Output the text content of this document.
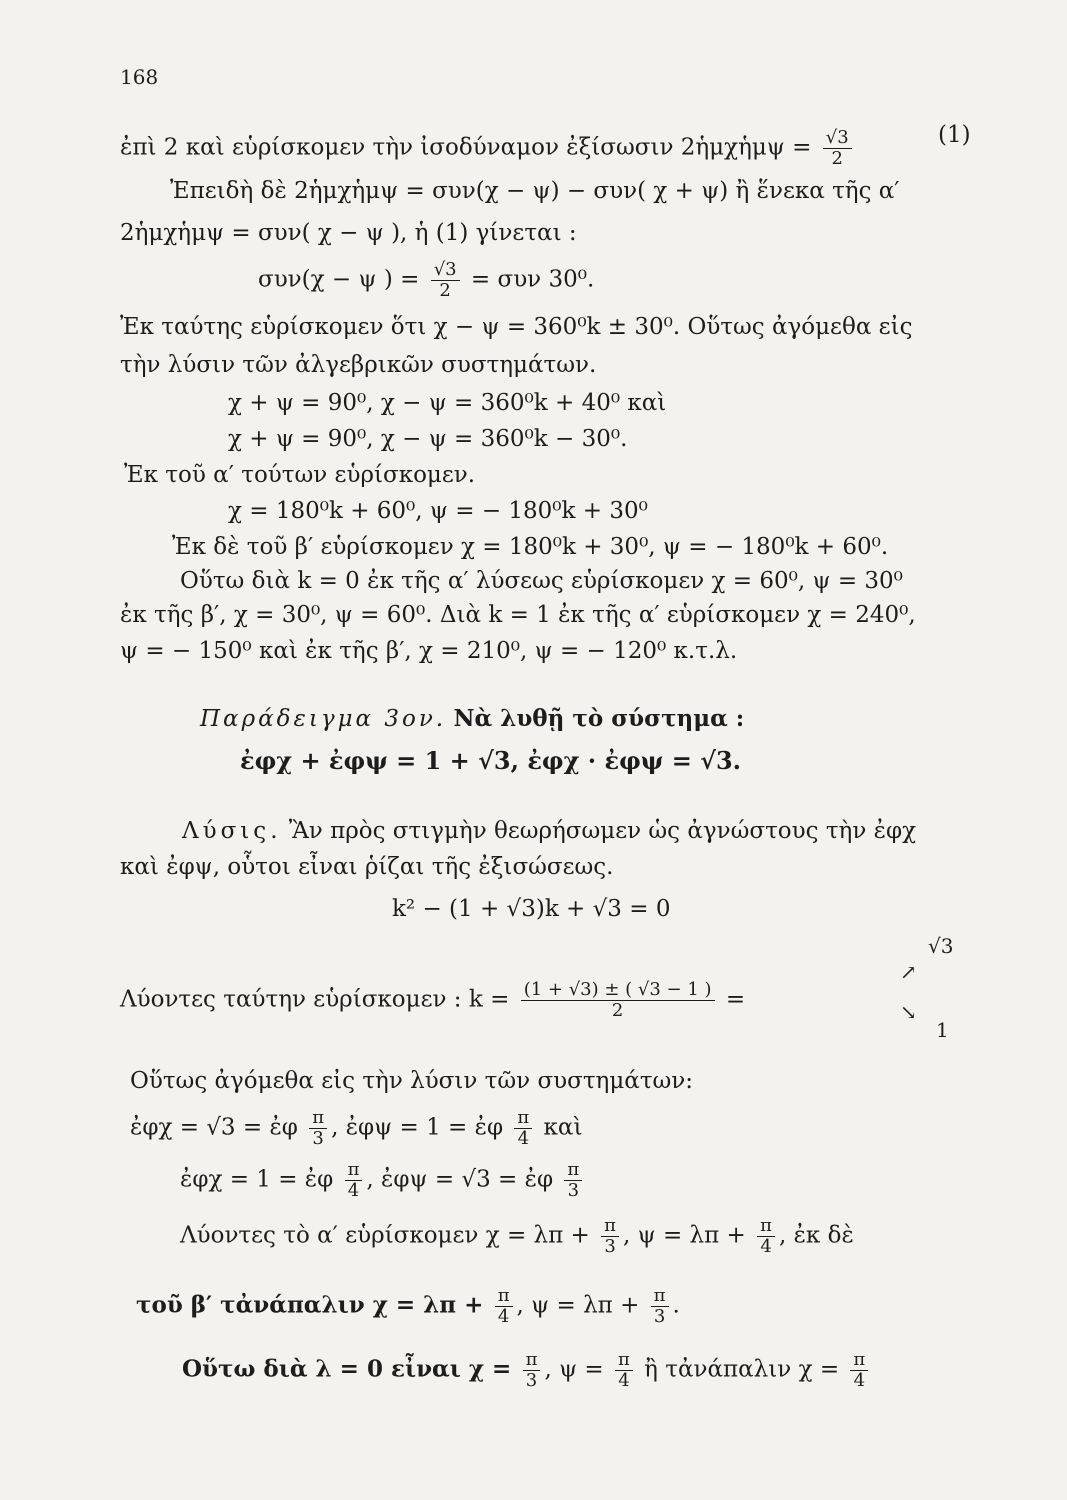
168
ἐπὶ 2 καὶ εὑρίσκομεν τὴν ἰσοδύναμον ἐξίσωσιν 2ἡμχἡμψ = $\frac{√3}{2}$	(1)
Ἐπειδὴ δὲ 2ἡμχἡμψ = συν(χ − ψ) − συν( χ + ψ) ἢ ἕνεκα τῆς α′
2ἡμχἡμψ = συν( χ − ψ ), ἡ (1) γίνεται :
συν(χ − ψ ) = $\frac{√3}{2} = \sigma\upsilon\nu$ 30⁰.
Ἐκ ταύτης εὑρίσκομεν ὅτι χ − ψ = 360⁰k ± 30⁰. Οὕτως ἀγόμεθα εἰς
τὴν λύσιν τῶν ἀλγεβρικῶν συστημάτων.
χ + ψ = 90⁰, χ − ψ = 360⁰k + 40⁰ καὶ
χ + ψ = 90⁰, χ − ψ = 360⁰k − 30⁰.
Ἐκ τοῦ α′ τούτων εὑρίσκομεν.
χ = 180⁰k + 60⁰, ψ = − 180⁰k + 30⁰
Ἐκ δὲ τοῦ β′ εὑρίσκομεν χ = 180⁰k + 30⁰, ψ = − 180⁰k + 60⁰.
Οὕτω διὰ k = 0 ἐκ τῆς α′ λύσεως εὑρίσκομεν χ = 60⁰, ψ = 30⁰
ἐκ τῆς β′, χ = 30⁰, ψ = 60⁰. Διὰ k = 1 ἐκ τῆς α′ εὑρίσκομεν χ = 240⁰,
ψ = − 150⁰ καὶ ἐκ τῆς β′, χ = 210⁰, ψ = − 120⁰ κ.τ.λ.
Παράδειγμα 3ον. Νὰ λυθῇ τὸ σύστημα :
ἐφχ + ἐφψ = 1 + √3, ἐφχ · ἐφψ = √3.
Λύσις. Ἂν πρὸς στιγμὴν θεωρήσωμεν ὡς ἀγνώστους τὴν ἐφχ
καὶ ἐφψ, οὗτοι εἶναι ῥίζαι τῆς ἐξισώσεως.
k² − (1 + √3)k + √3 = 0
Λύοντες ταύτην εὑρίσκομεν : $k = \frac{(1 + √3) \pm ( √3 - 1 )}{2}$ =
√3
↗
↘
1
Οὕτως ἀγόμεθα εἰς τὴν λύσιν τῶν συστημάτων:
ἐφχ = √3 = ἐφ $\frac{\pi}{3}$ , ἐφψ = 1 = ἐφ $\frac{\pi}{4}$ καὶ
ἐφχ = 1 = ἐφ $\frac{\pi}{4}$ , ἐφψ = √3 = ἐφ $\frac{\pi}{3}$
Λύοντες τὸ α′ εὑρίσκομεν $\chi = \lambda\pi + \frac{\pi}{3}$ , $\psi = \lambda\pi + \frac{\pi}{4}$ , ἐκ δὲ
τοῦ β′ τἀνάπαλιν $\chi = \lambda\pi + \frac{\pi}{4}$ , $\psi = \lambda\pi + \frac{\pi}{3}$ .
Οὕτω διὰ λ = 0 εἶναι $\chi = \frac{\pi}{3}$ , $\psi = \frac{\pi}{4}$ ἢ τἀνάπαλιν $\chi = \frac{\pi}{4}$
